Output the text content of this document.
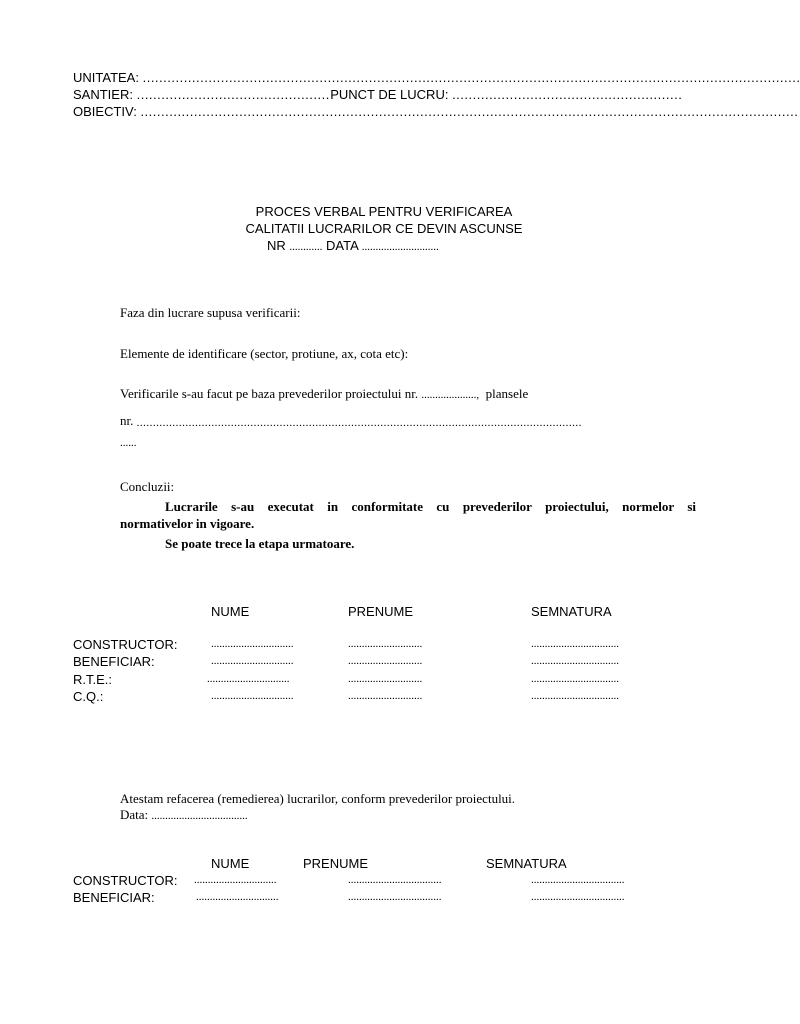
UNITATEA: ................................................................................................................................................................
SANTIER: ............................................... PUNCT DE LUCRU: ........................................................
OBIECTIV: ................................................................................................................................................................
PROCES VERBAL PENTRU VERIFICAREA
CALITATII LUCRARILOR CE DEVIN ASCUNSE
NR ............ DATA ............................
Faza din lucrare supusa verificarii:
Elemente de identificare (sector, protiune, ax, cota etc):
Verificarile s-au facut pe baza prevederilor proiectului nr. ...................., plansele
nr. .........................................................................................................................................
......
Concluzii:
Lucrarile s-au executat in conformitate cu prevederilor proiectului, normelor si
normativelor in vigoare.
Se poate trece la etapa urmatoare.
NUME	PRENUME	SEMNATURA
CONSTRUCTOR:	..............................	...........................	................................
BENEFICIAR:	..............................	...........................	................................
R.T.E.:	..............................	...........................	................................
C.Q.:	..............................	...........................	................................
Atestam refacerea (remedierea) lucrarilor, conform prevederilor proiectului.
Data: ...................................
NUME	PRENUME	SEMNATURA
CONSTRUCTOR: ..............................	..................................	..................................
BENEFICIAR:	..............................	..................................	..................................
